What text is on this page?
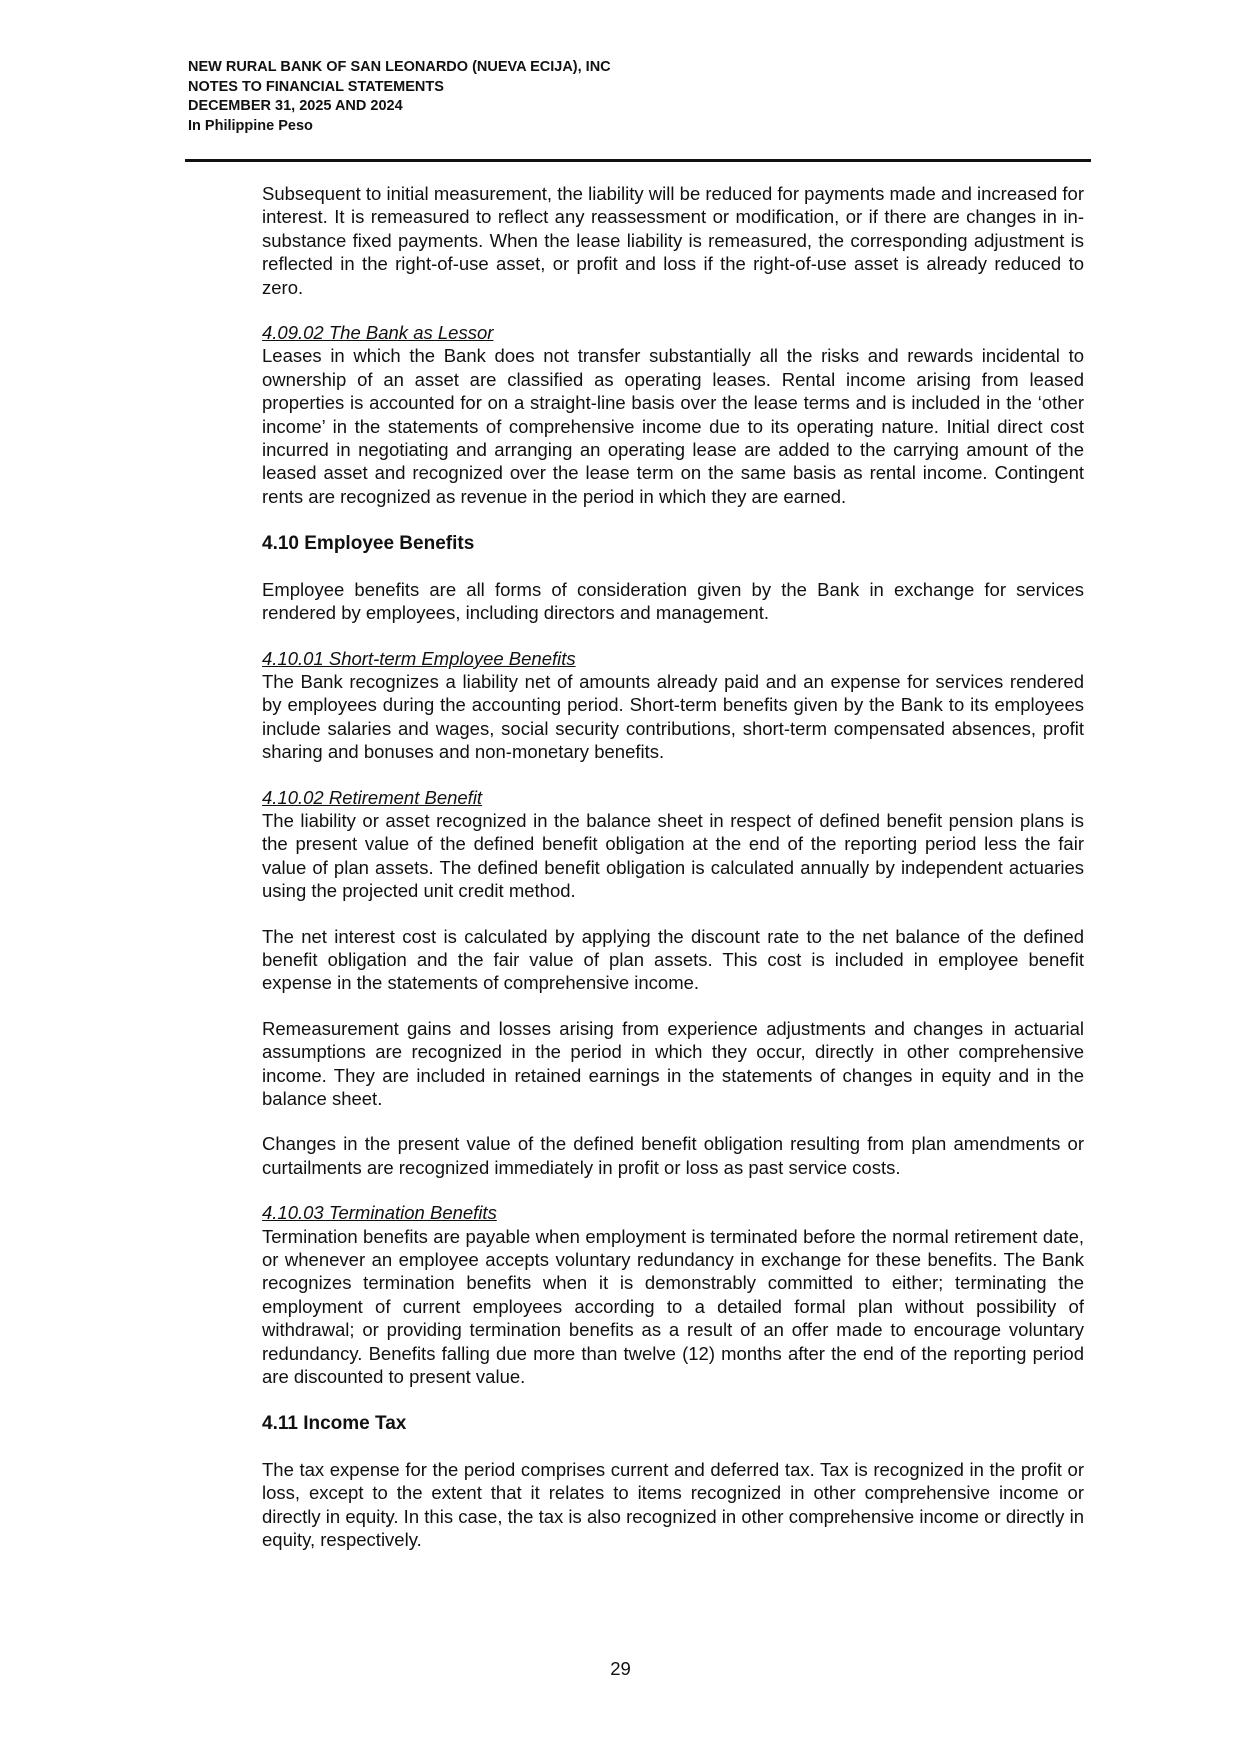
NEW RURAL BANK OF SAN LEONARDO (NUEVA ECIJA), INC

NOTES TO FINANCIAL STATEMENTS

DECEMBER 31, 2025 AND 2024

In Philippine Peso

Subsequent to initial measurement, the liability will be reduced for payments made and increased for interest. It is remeasured to reflect any reassessment or modification, or if there are changes in in-substance fixed payments. When the lease liability is remeasured, the corresponding adjustment is reflected in the right-of-use asset, or profit and loss if the right-of-use asset is already reduced to zero.

4.09.02 The Bank as Lessor

Leases in which the Bank does not transfer substantially all the risks and rewards incidental to ownership of an asset are classified as operating leases. Rental income arising from leased properties is accounted for on a straight-line basis over the lease terms and is included in the ‘other income’ in the statements of comprehensive income due to its operating nature. Initial direct cost incurred in negotiating and arranging an operating lease are added to the carrying amount of the leased asset and recognized over the lease term on the same basis as rental income. Contingent rents are recognized as revenue in the period in which they are earned.

4.10 Employee Benefits

Employee benefits are all forms of consideration given by the Bank in exchange for services rendered by employees, including directors and management.

4.10.01 Short-term Employee Benefits

The Bank recognizes a liability net of amounts already paid and an expense for services rendered by employees during the accounting period. Short-term benefits given by the Bank to its employees include salaries and wages, social security contributions, short-term compensated absences, profit sharing and bonuses and non-monetary benefits.

4.10.02 Retirement Benefit

The liability or asset recognized in the balance sheet in respect of defined benefit pension plans is the present value of the defined benefit obligation at the end of the reporting period less the fair value of plan assets. The defined benefit obligation is calculated annually by independent actuaries using the projected unit credit method.

The net interest cost is calculated by applying the discount rate to the net balance of the defined benefit obligation and the fair value of plan assets. This cost is included in employee benefit expense in the statements of comprehensive income.

Remeasurement gains and losses arising from experience adjustments and changes in actuarial assumptions are recognized in the period in which they occur, directly in other comprehensive income. They are included in retained earnings in the statements of changes in equity and in the balance sheet.

Changes in the present value of the defined benefit obligation resulting from plan amendments or curtailments are recognized immediately in profit or loss as past service costs.

4.10.03 Termination Benefits

Termination benefits are payable when employment is terminated before the normal retirement date, or whenever an employee accepts voluntary redundancy in exchange for these benefits. The Bank recognizes termination benefits when it is demonstrably committed to either; terminating the employment of current employees according to a detailed formal plan without possibility of withdrawal; or providing termination benefits as a result of an offer made to encourage voluntary redundancy. Benefits falling due more than twelve (12) months after the end of the reporting period are discounted to present value.

4.11 Income Tax

The tax expense for the period comprises current and deferred tax. Tax is recognized in the profit or loss, except to the extent that it relates to items recognized in other comprehensive income or directly in equity. In this case, the tax is also recognized in other comprehensive income or directly in equity, respectively.

29
